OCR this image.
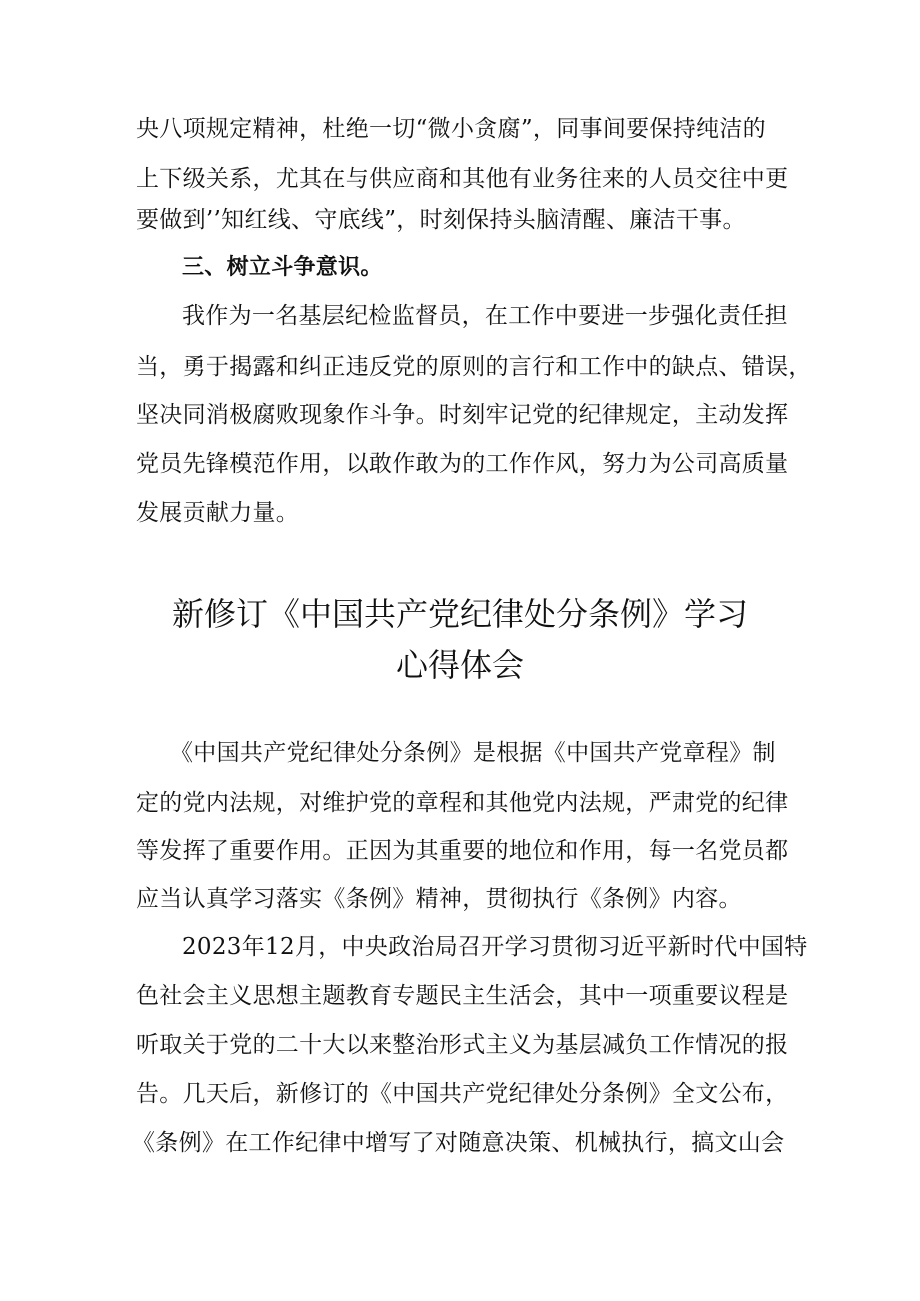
央八项规定精神，杜绝一切“微小贪腐”，同事间要保持纯洁的
上下级关系，尤其在与供应商和其他有业务往来的人员交往中更
要做到’’知红线、守底线”，时刻保持头脑清醒、廉洁干事。
三、树立斗争意识。
我作为一名基层纪检监督员，在工作中要进一步强化责任担
当，勇于揭露和纠正违反党的原则的言行和工作中的缺点、错误，
坚决同消极腐败现象作斗争。时刻牢记党的纪律规定，主动发挥
党员先锋模范作用，以敢作敢为的工作作风，努力为公司高质量
发展贡献力量。
新修订《中国共产党纪律处分条例》学习
心得体会
《中国共产党纪律处分条例》是根据《中国共产党章程》制
定的党内法规，对维护党的章程和其他党内法规，严肃党的纪律
等发挥了重要作用。正因为其重要的地位和作用，每一名党员都
应当认真学习落实《条例》精神，贯彻执行《条例》内容。
2023年12月，中央政治局召开学习贯彻习近平新时代中国特
色社会主义思想主题教育专题民主生活会，其中一项重要议程是
听取关于党的二十大以来整治形式主义为基层减负工作情况的报
告。几天后，新修订的《中国共产党纪律处分条例》全文公布，
《条例》在工作纪律中增写了对随意决策、机械执行，搞文山会
